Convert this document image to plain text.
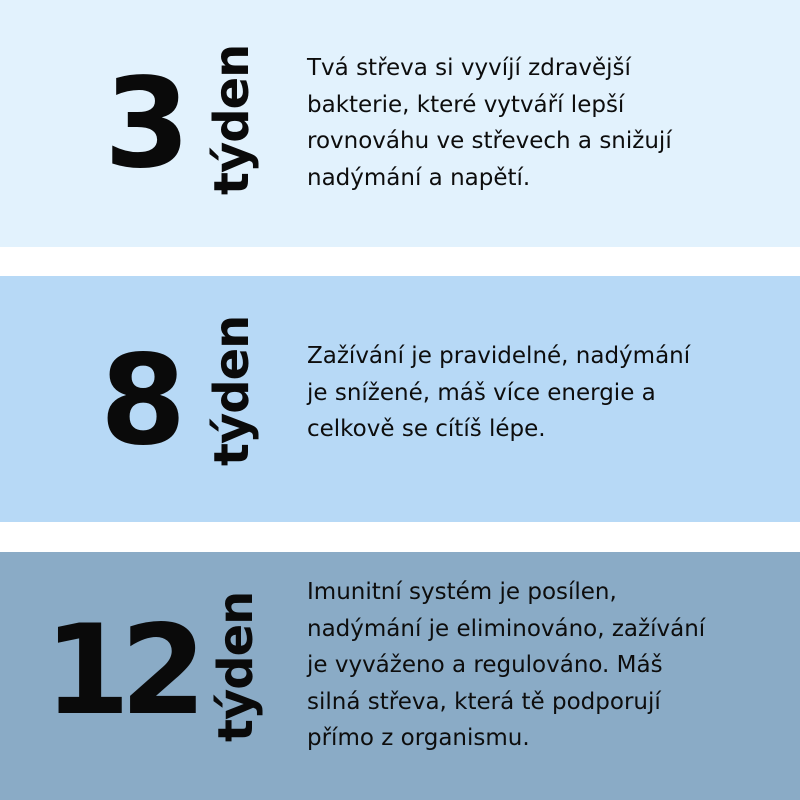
3 týden Tvá střeva si vyvíjí zdravější
bakterie, které vytváří lepší
rovnováhu ve střevech a snižují
nadýmání a napětí.

8 týden Zažívání je pravidelné, nadýmání
je snížené, máš více energie a
celkově se cítíš lépe.

12 týden Imunitní systém je posílen,
nadýmání je eliminováno, zažívání
je vyváženo a regulováno. Máš
silná střeva, která tě podporují
přímo z organismu.
